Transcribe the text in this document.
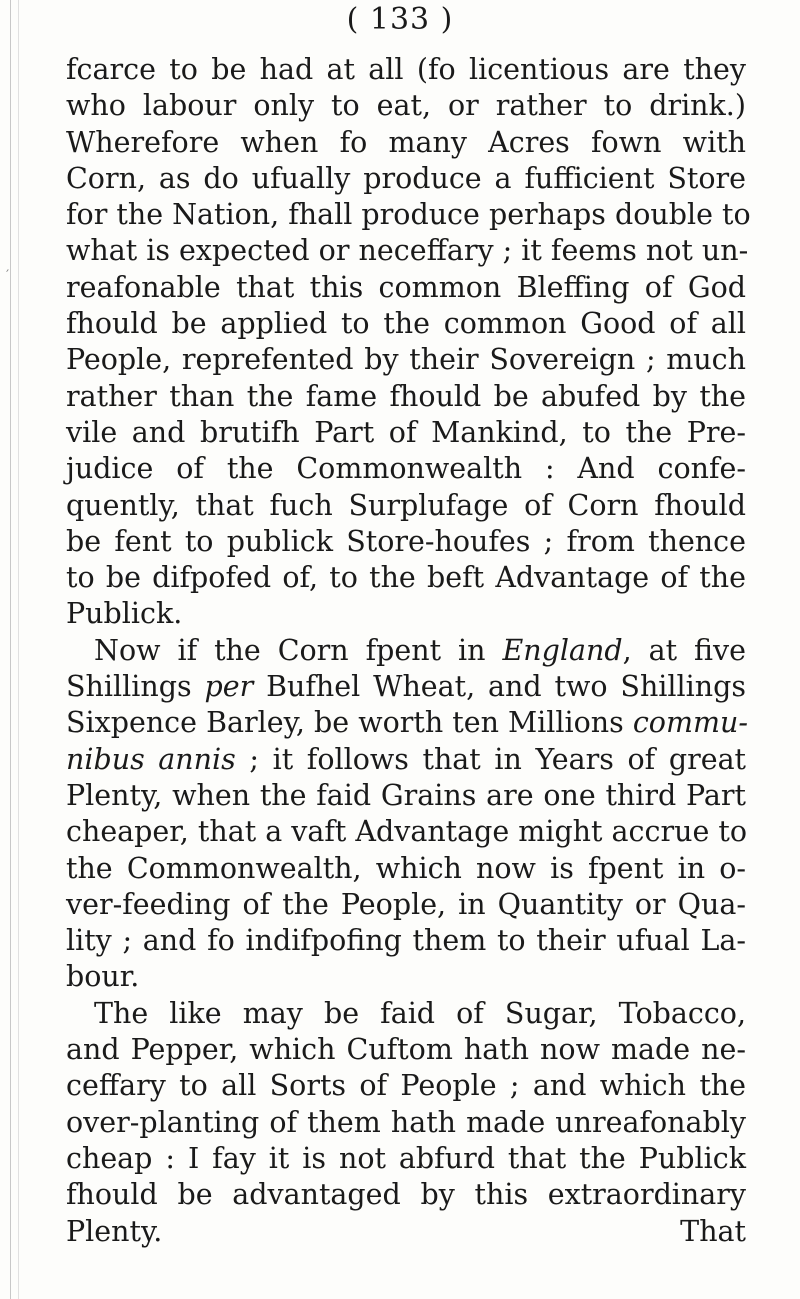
′
( 133 )
fcarce to be had at all (fo licentious are they
who labour only to eat, or rather to drink.)
Wherefore when fo many Acres fown with
Corn, as do ufually produce a fufficient Store
for the Nation, fhall produce perhaps double to
what is expected or neceffary ; it feems not un-
reafonable that this common Bleffing of God
fhould be applied to the common Good of all
People, reprefented by their Sovereign ; much
rather than the fame fhould be abufed by the
vile and brutifh Part of Mankind, to the Pre-
judice of the Commonwealth : And confe-
quently, that fuch Surplufage of Corn fhould
be fent to publick Store-houfes ; from thence
to be difpofed of, to the beft Advantage of the
Publick.
Now if the Corn fpent in England, at five
Shillings per Bufhel Wheat, and two Shillings
Sixpence Barley, be worth ten Millions commu-
nibus annis ; it follows that in Years of great
Plenty, when the faid Grains are one third Part
cheaper, that a vaft Advantage might accrue to
the Commonwealth, which now is fpent in o-
ver-feeding of the People, in Quantity or Qua-
lity ; and fo indifpofing them to their ufual La-
bour.
The like may be faid of Sugar, Tobacco,
and Pepper, which Cuftom hath now made ne-
ceffary to all Sorts of People ; and which the
over-planting of them hath made unreafonably
cheap : I fay it is not abfurd that the Publick
fhould be advantaged by this extraordinary
Plenty. That
